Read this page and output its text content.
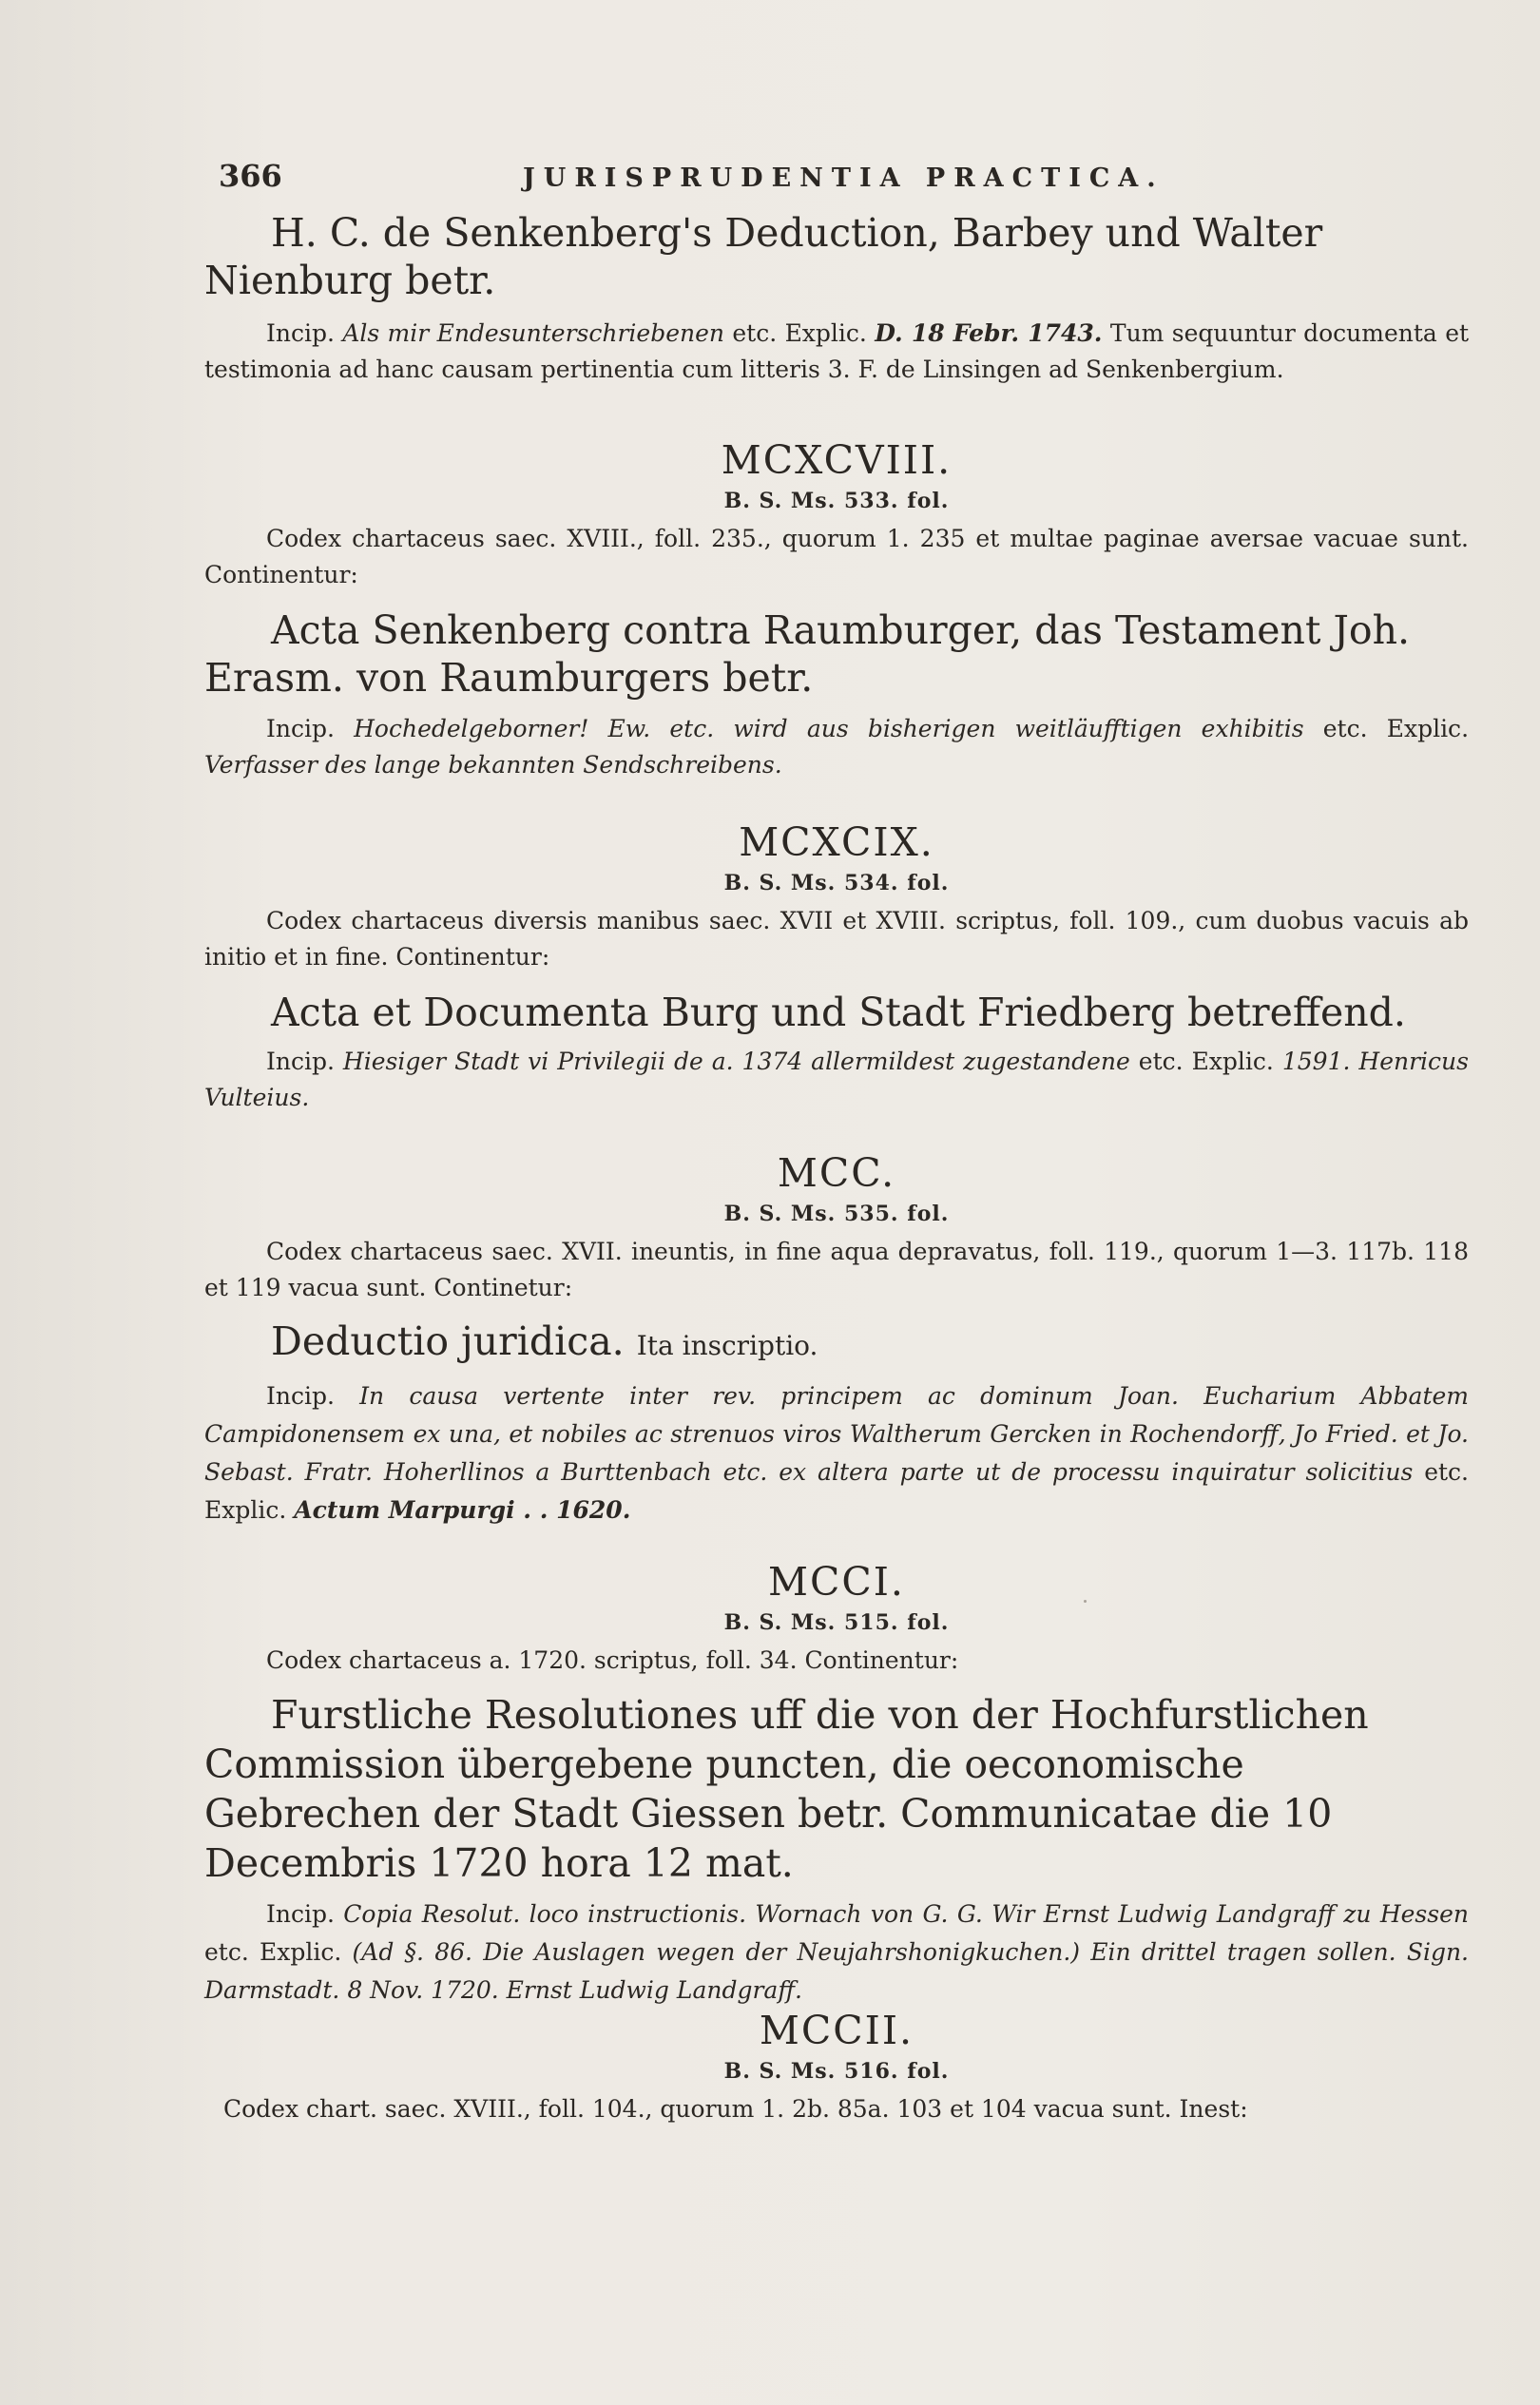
366	JURISPRUDENTIA PRACTICA.

H. C. de Senkenberg's Deduction, Barbey und Walter Nienburg betr.

Incip. Als mir Endesunterschriebenen etc. Explic. D. 18 Febr. 1743. Tum sequuntur documenta et testimonia ad hanc causam pertinentia cum litteris 3. F. de Linsingen ad Senkenbergium.

MCXCVIII.

B. S. Ms. 533. fol.

Codex chartaceus saec. XVIII., foll. 235., quorum 1. 235 et multae paginae aversae vacuae sunt. Continentur:

Acta Senkenberg contra Raumburger, das Testament Joh. Erasm. von Raumburgers betr.

Incip. Hochedelgeborner! Ew. etc. wird aus bisherigen weitläufftigen exhibitis etc. Explic. Verfasser des lange bekannten Sendschreibens.

MCXCIX.

B. S. Ms. 534. fol.

Codex chartaceus diversis manibus saec. XVII et XVIII. scriptus, foll. 109., cum duobus vacuis ab initio et in fine. Continentur:

Acta et Documenta Burg und Stadt Friedberg betreffend.

Incip. Hiesiger Stadt vi Privilegii de a. 1374 allermildest zugestandene etc. Explic. 1591. Henricus Vulteius.

MCC.

B. S. Ms. 535. fol.

Codex chartaceus saec. XVII. ineuntis, in fine aqua depravatus, foll. 119., quorum 1—3. 117b. 118 et 119 vacua sunt. Continetur:

Deductio juridica. Ita inscriptio.

Incip. In causa vertente inter rev. principem ac dominum Joan. Eucharium Abbatem Campidonensem ex una, et nobiles ac strenuos viros Waltherum Gercken in Rochendorff, Jo Fried. et Jo. Sebast. Fratr. Hoherllinos a Burttenbach etc. ex altera parte ut de processu inquiratur solicitius etc. Explic. Actum Marpurgi . . 1620.

MCCI.

B. S. Ms. 515. fol.

Codex chartaceus a. 1720. scriptus, foll. 34. Continentur:

Furstliche Resolutiones uff die von der Hochfurstlichen Commission übergebene puncten, die oeconomische Gebrechen der Stadt Giessen betr. Communicatae die 10 Decembris 1720 hora 12 mat.

Incip. Copia Resolut. loco instructionis. Wornach von G. G. Wir Ernst Ludwig Landgraff zu Hessen etc. Explic. (Ad §. 86. Die Auslagen wegen der Neujahrshonigkuchen.) Ein drittel tragen sollen. Sign. Darmstadt. 8 Nov. 1720. Ernst Ludwig Landgraff.

MCCII.

B. S. Ms. 516. fol.

Codex chart. saec. XVIII., foll. 104., quorum 1. 2b. 85a. 103 et 104 vacua sunt. Inest:
